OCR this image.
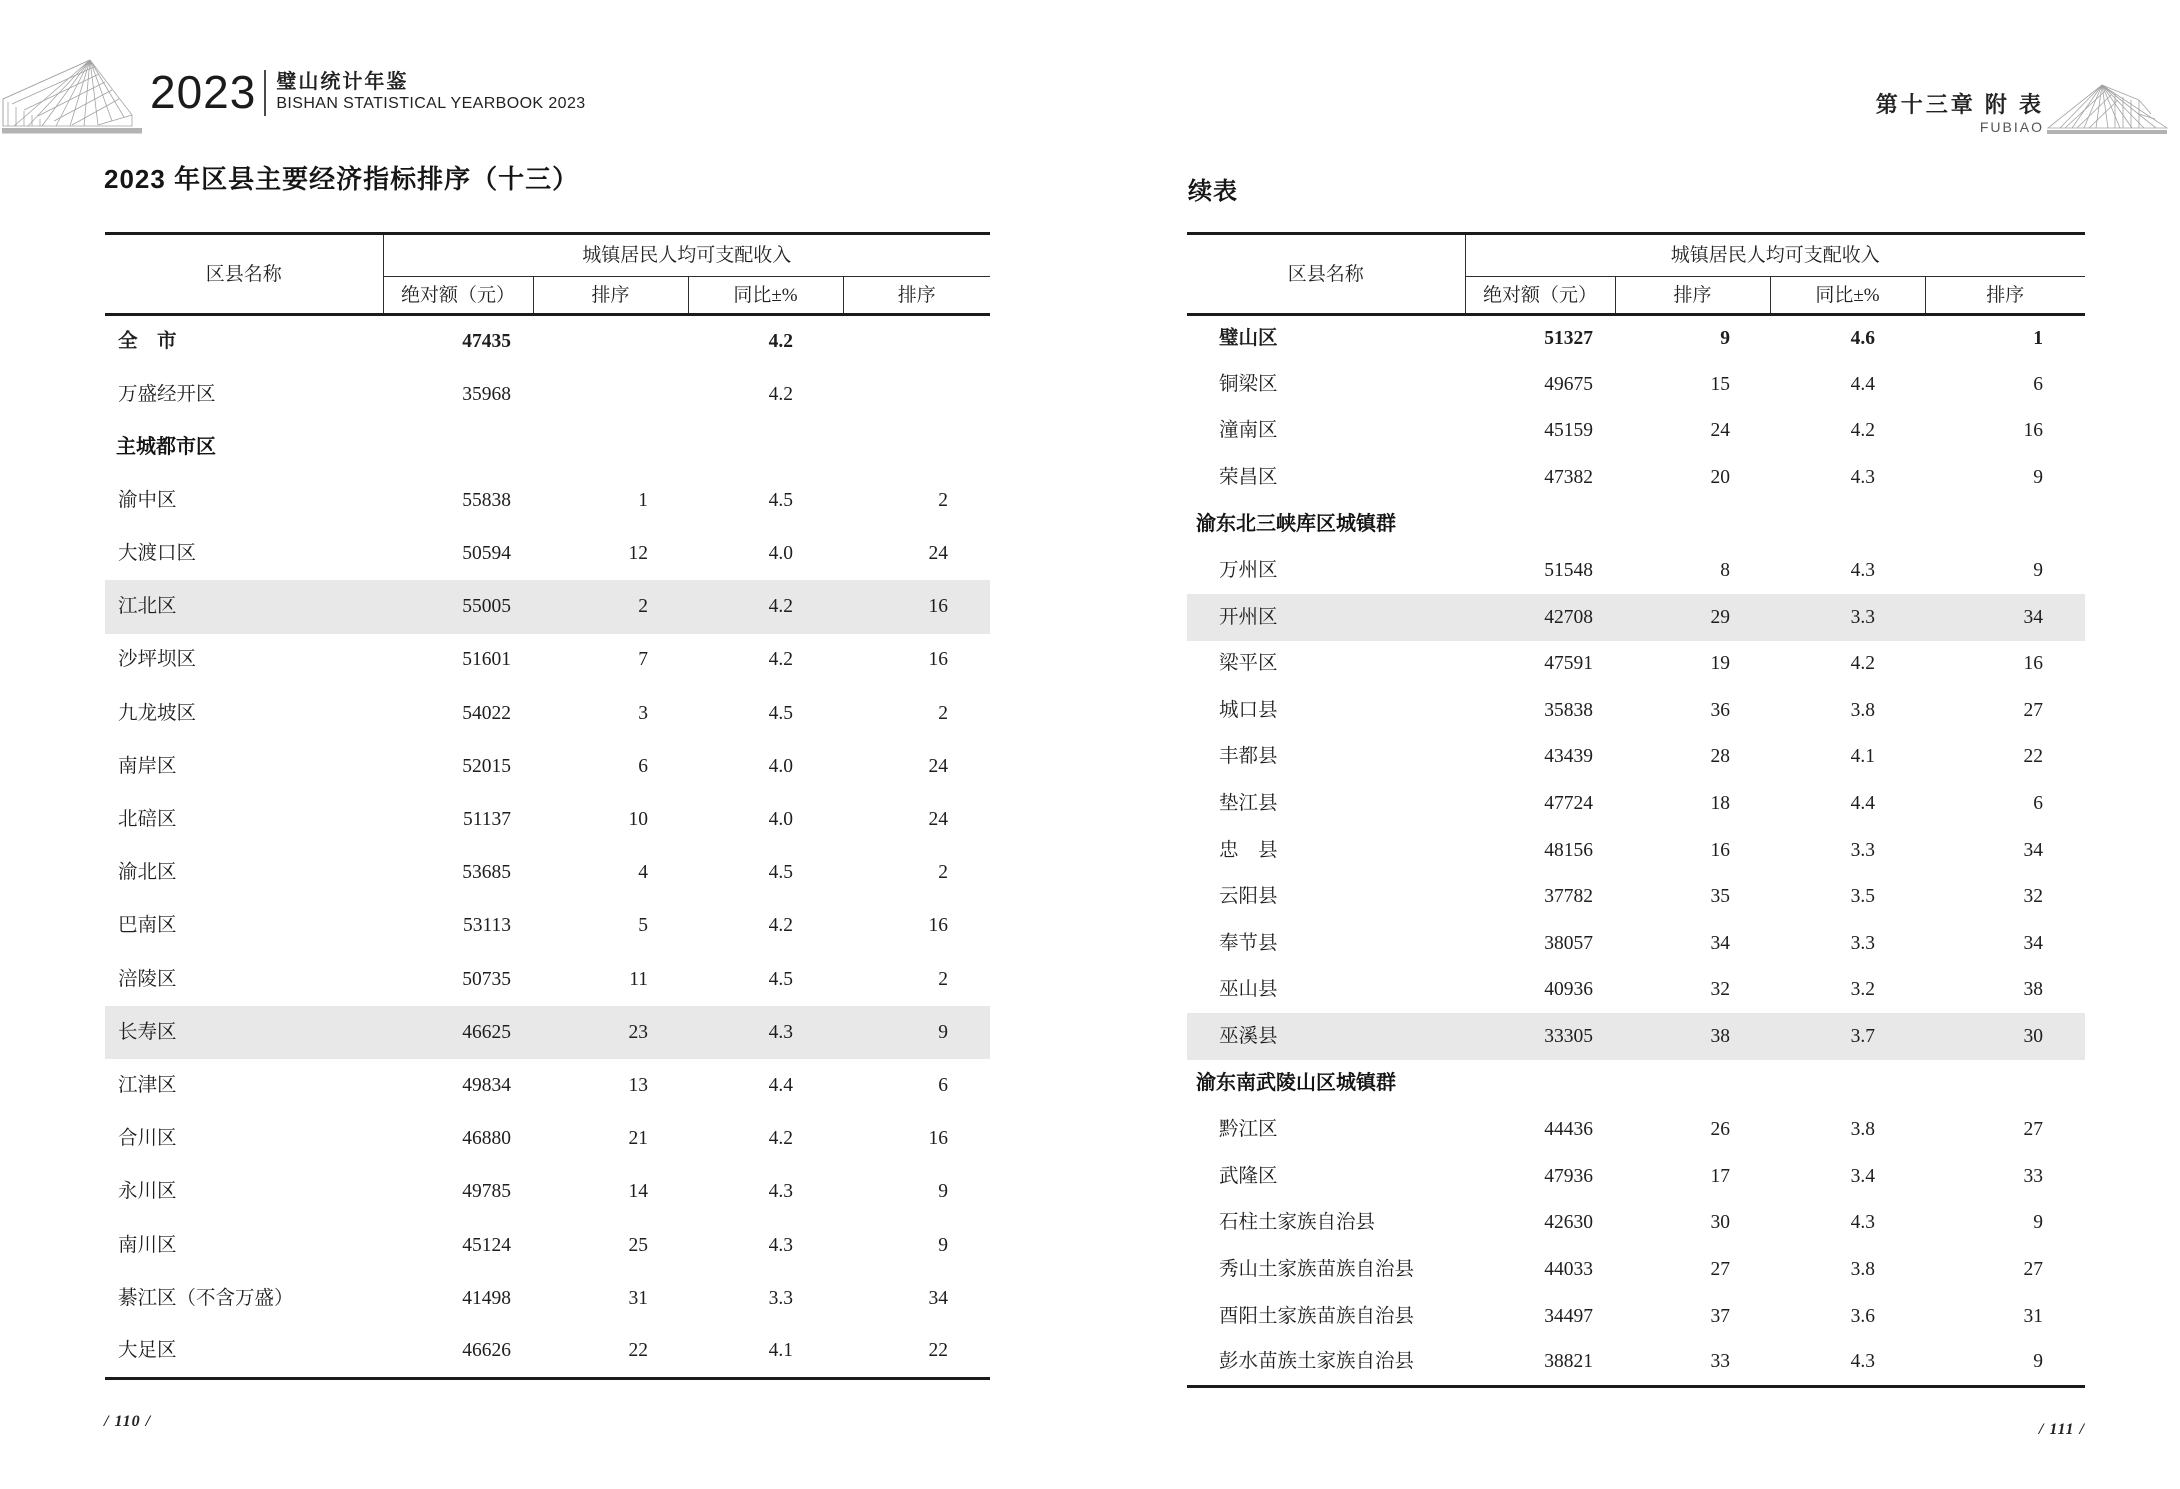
2023 璧山统计年鉴
BISHAN STATISTICAL YEARBOOK 2023	第十三章 附 表
FUBIAO
2023 年区县主要经济指标排序（十三）	续表
区县名称	城镇居民人均可支配收入			
	绝对额（元）	排序	同比±%	排序
全　市	47435		4.2	
万盛经开区	35968		4.2	
主城都市区				
渝中区	55838	1	4.5	2
大渡口区	50594	12	4.0	24
江北区	55005	2	4.2	16
沙坪坝区	51601	7	4.2	16
九龙坡区	54022	3	4.5	2
南岸区	52015	6	4.0	24
北碚区	51137	10	4.0	24
渝北区	53685	4	4.5	2
巴南区	53113	5	4.2	16
涪陵区	50735	11	4.5	2
长寿区	46625	23	4.3	9
江津区	49834	13	4.4	6
合川区	46880	21	4.2	16
永川区	49785	14	4.3	9
南川区	45124	25	4.3	9
綦江区（不含万盛）	41498	31	3.3	34
大足区	46626	22	4.1	22
区县名称	城镇居民人均可支配收入			
	绝对额（元）	排序	同比±%	排序
璧山区	51327	9	4.6	1
铜梁区	49675	15	4.4	6
潼南区	45159	24	4.2	16
荣昌区	47382	20	4.3	9
渝东北三峡库区城镇群				
万州区	51548	8	4.3	9
开州区	42708	29	3.3	34
梁平区	47591	19	4.2	16
城口县	35838	36	3.8	27
丰都县	43439	28	4.1	22
垫江县	47724	18	4.4	6
忠　县	48156	16	3.3	34
云阳县	37782	35	3.5	32
奉节县	38057	34	3.3	34
巫山县	40936	32	3.2	38
巫溪县	33305	38	3.7	30
渝东南武陵山区城镇群				
黔江区	44436	26	3.8	27
武隆区	47936	17	3.4	33
石柱土家族自治县	42630	30	4.3	9
秀山土家族苗族自治县	44033	27	3.8	27
酉阳土家族苗族自治县	34497	37	3.6	31
彭水苗族土家族自治县	38821	33	4.3	9
/ 110 /	/ 111 /
